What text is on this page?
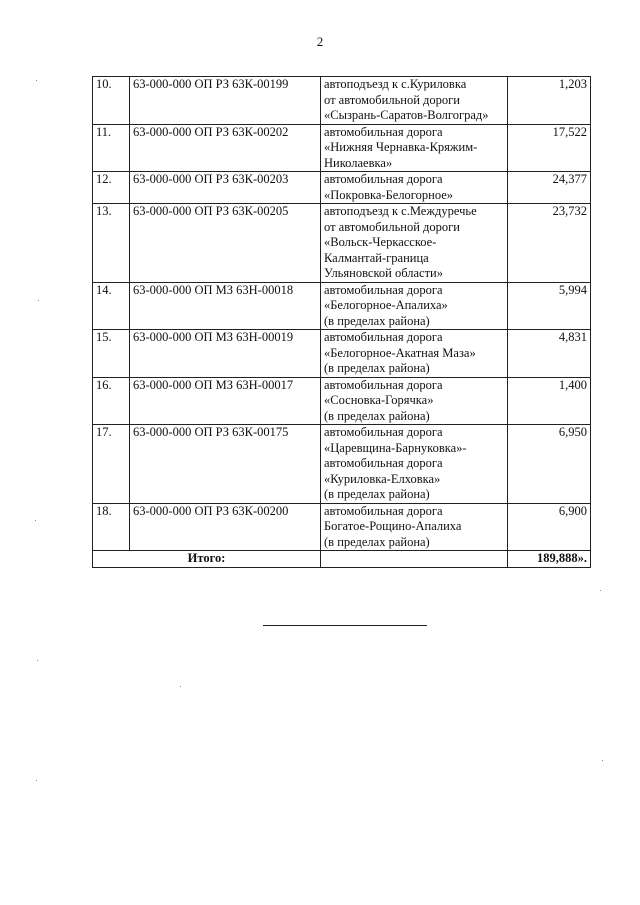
2
10.	63-000-000 ОП РЗ 63К-00199	автоподъезд к с.Куриловка
от автомобильной дороги
«Сызрань-Саратов-Волгоград»	1,203
11.	63-000-000 ОП РЗ 63К-00202	автомобильная дорога
«Нижняя Чернавка-Кряжим-
Николаевка»	17,522
12.	63-000-000 ОП РЗ 63К-00203	автомобильная дорога
«Покровка-Белогорное»	24,377
13.	63-000-000 ОП РЗ 63К-00205	автоподъезд к с.Междуречье
от автомобильной дороги
«Вольск-Черкасское-
Калмантай-граница
Ульяновской области»	23,732
14.	63-000-000 ОП МЗ 63Н-00018	автомобильная дорога
«Белогорное-Апалиха»
(в пределах района)	5,994
15.	63-000-000 ОП МЗ 63Н-00019	автомобильная дорога
«Белогорное-Акатная Маза»
(в пределах района)	4,831
16.	63-000-000 ОП МЗ 63Н-00017	автомобильная дорога
«Сосновка-Горячка»
(в пределах района)	1,400
17.	63-000-000 ОП РЗ 63К-00175	автомобильная дорога
«Царевщина-Барнуковка»-
автомобильная дорога
«Куриловка-Елховка»
(в пределах района)	6,950
18.	63-000-000 ОП РЗ 63К-00200	автомобильная дорога
Богатое-Рощино-Апалиха
(в пределах района)	6,900
Итого:			189,888».
